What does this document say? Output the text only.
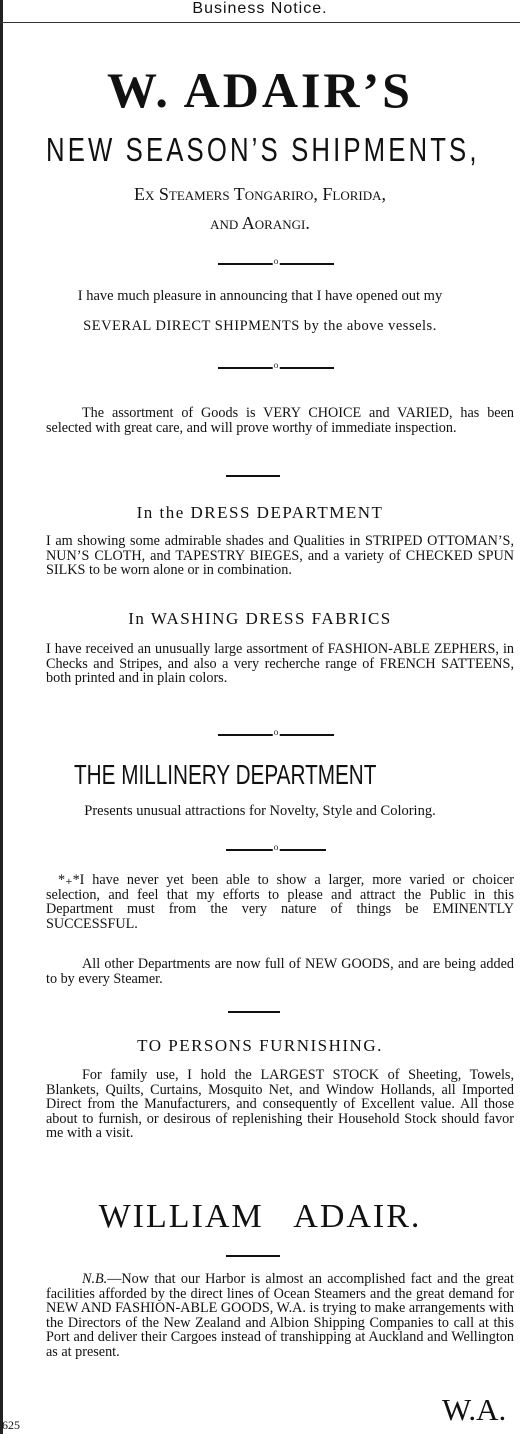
Business Notice.
W. ADAIR’S
NEW SEASON’S SHIPMENTS,
Ex Steamers Tongariro, Florida,
and Aorangi.
o
I have much pleasure in announcing that I have opened out my
SEVERAL DIRECT SHIPMENTS by the above vessels.
o
The assortment of Goods is VERY CHOICE and VARIED, has been selected with great care, and will prove worthy of immediate inspection.
In the DRESS DEPARTMENT
I am showing some admirable shades and Qualities in STRIPED OTTOMAN’S, NUN’S CLOTH, and TAPESTRY BIEGES, and a variety of CHECKED SPUN SILKS to be worn alone or in combination.
In WASHING DRESS FABRICS
I have received an unusually large assortment of FASHION-ABLE ZEPHERS, in Checks and Stripes, and also a very recherche range of FRENCH SATTEENS, both printed and in plain colors.
o
THE MILLINERY DEPARTMENT
Presents unusual attractions for Novelty, Style and Coloring.
o
*₊*I have never yet been able to show a larger, more varied or choicer selection, and feel that my efforts to please and attract the Public in this Department must from the very nature of things be EMINENTLY SUCCESSFUL.
All other Departments are now full of NEW GOODS, and are being added to by every Steamer.
TO PERSONS FURNISHING.
For family use, I hold the LARGEST STOCK of Sheeting, Towels, Blankets, Quilts, Curtains, Mosquito Net, and Window Hollands, all Imported Direct from the Manufacturers, and consequently of Excellent value. All those about to furnish, or desirous of replenishing their Household Stock should favor me with a visit.
WILLIAM   ADAIR.
N.B.—Now that our Harbor is almost an accomplished fact and the great facilities afforded by the direct lines of Ocean Steamers and the great demand for NEW AND FASHION-ABLE GOODS, W.A. is trying to make arrangements with the Directors of the New Zealand and Albion Shipping Companies to call at this Port and deliver their Cargoes instead of transhipping at Auckland and Wellington as at present.
W.A.
625
